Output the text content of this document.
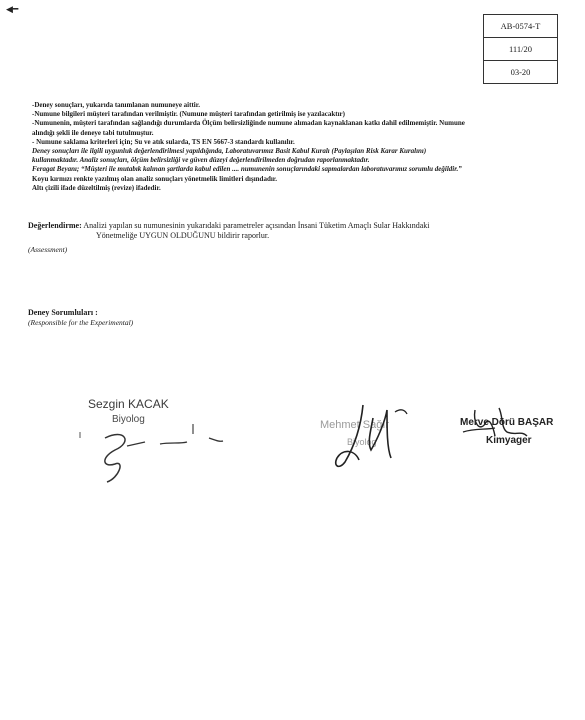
◀━
AB-0574-T
111/20
03-20
-Deney sonuçları, yukarıda tanımlanan numuneye aittir.
-Numune bilgileri müşteri tarafından verilmiştir. (Numune müşteri tarafından getirilmiş ise yazılacaktır)
-Numunenin, müşteri tarafından sağlandığı durumlarda Ölçüm belirsizliğinde numune alımadan kaynaklanan katkı dahil edilmemiştir. Numune
alındığı şekli ile deneye tabi tutulmuştur.
- Numune saklama kriterleri için; Su ve atık sularda, TS EN 5667-3 standardı kullanılır.
Deney sonuçları ile ilgili uygunluk değerlendirilmesi yapıldığında, Laboratuvarımız Basit Kabul Kuralı (Paylaşılan Risk Karar Kuralını)
kullanmaktadır. Analiz sonuçları, ölçüm belirsizliği ve güven düzeyi değerlendirilmeden doğrudan raporlanmaktadır.
Feragat Beyanı; “Müşteri ile mutabık kalınan şartlarda kabul edilen .... numunenin sonuçlarındaki sapmalardan laboratuvarımız sorumlu değildir.”
Koyu kırmızı renkte yazılmış olan analiz sonuçları yönetmelik limitleri dışındadır.
Altı çizili ifade düzeltilmiş (revize) ifadedir.
Değerlendirme: Analizi yapılan su numunesinin yukarıdaki parametreler açısından İnsani Tüketim Amaçlı Sular Hakkındaki
Yönetmeliğe UYGUN OLDUĞUNU bildirir raporlur.
(Assessment)
Deney Sorumluları :
(Responsible for the Experimental)
Sezgin KACAK
Biyolog	Mehmet Sağır
Biyolog
Merve Dörü BAŞAR
Kimyager
